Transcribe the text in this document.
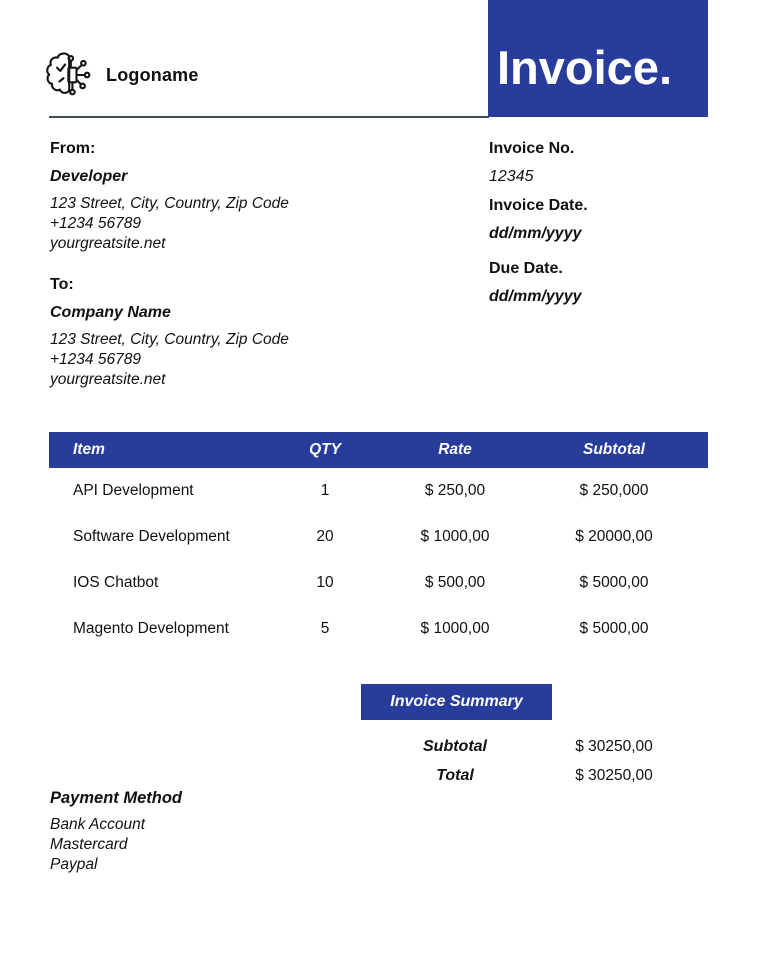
Logoname	Invoice.
From:
Developer
123 Street, City, Country, Zip Code
+1234 56789
yourgreatsite.net
To:
Company Name
123 Street, City, Country, Zip Code
+1234 56789
yourgreatsite.net
Invoice No.
12345
Invoice Date.
dd/mm/yyyy
Due Date.
dd/mm/yyyy
Item	QTY	Rate	Subtotal
API Development	1	$ 250,00	$ 250,000
Software Development	20	$ 1000,00	$ 20000,00
IOS Chatbot	10	$ 500,00	$ 5000,00
Magento Development	5	$ 1000,00	$ 5000,00
Invoice Summary
Subtotal	$ 30250,00
Total	$ 30250,00
Payment Method
Bank Account
Mastercard
Paypal
